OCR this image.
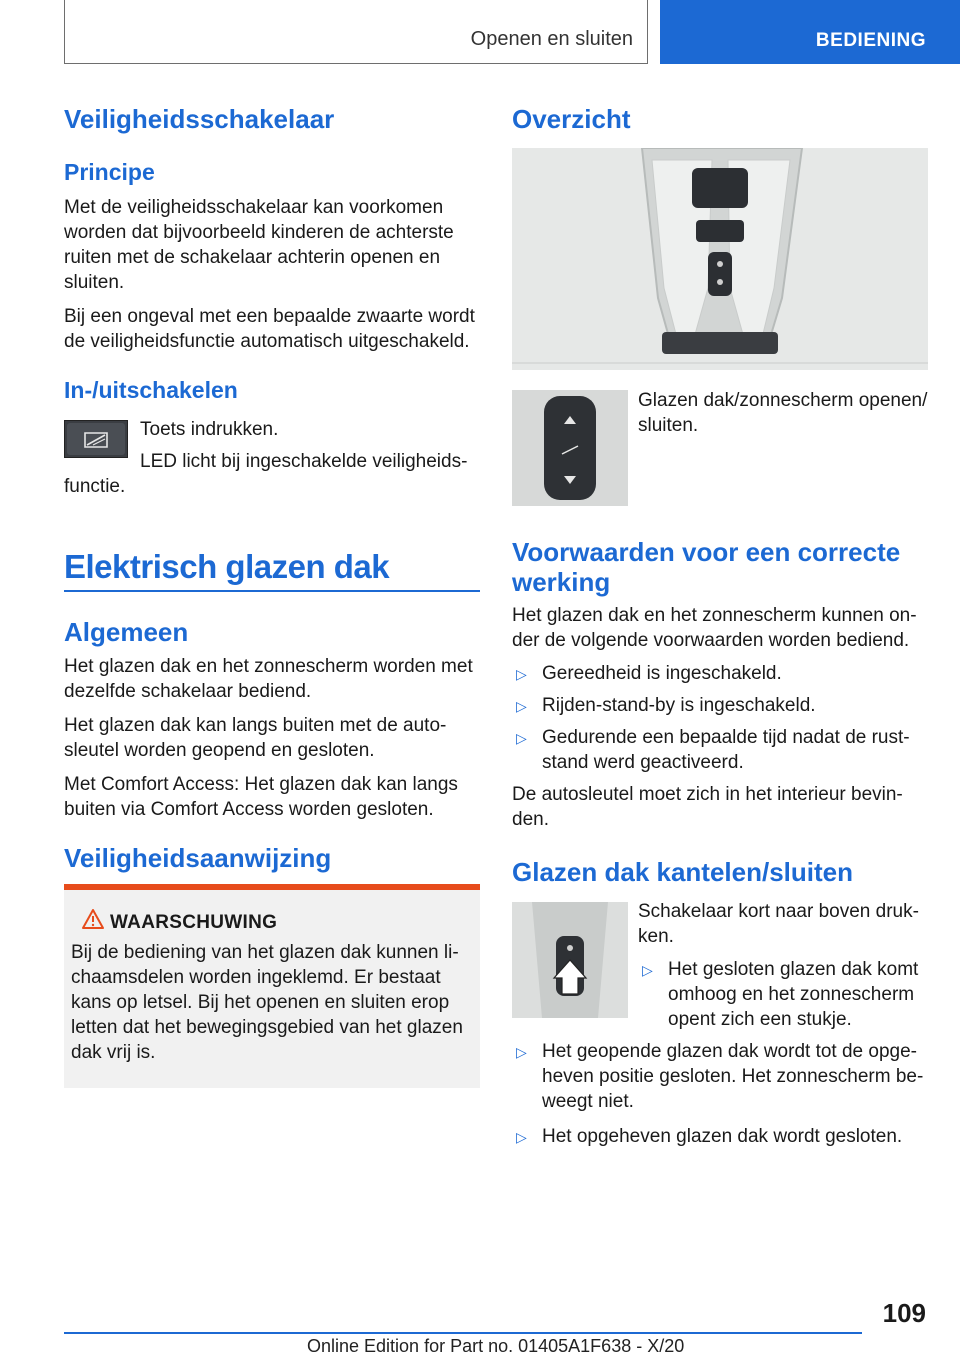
Openen en sluiten	BEDIENING
Veiligheidsschakelaar
Principe

Met de veiligheidsschakelaar kan voorkomen worden dat bijvoorbeeld kinderen de achterste ruiten met de schakelaar achterin openen en sluiten.

Bij een ongeval met een bepaalde zwaarte wordt de veiligheidsfunctie automatisch uitgeschakeld.

In-/uitschakelen
Toets indrukken.
LED licht bij ingeschakelde veiligheids-
functie.
Elektrisch glazen dak
Algemeen

Het glazen dak en het zonnescherm worden met dezelfde schakelaar bediend.

Het glazen dak kan langs buiten met de auto-sleutel worden geopend en gesloten.

Met Comfort Access: Het glazen dak kan langs buiten via Comfort Access worden gesloten.

Veiligheidsaanwijzing
WAARSCHUWING
Bij de bediening van het glazen dak kunnen li-chaamsdelen worden ingeklemd. Er bestaat kans op letsel. Bij het openen en sluiten erop letten dat het bewegingsgebied van het glazen dak vrij is.
Overzicht
Glazen dak/zonnescherm openen/ sluiten.
Voorwaarden voor een correcte werking
Het glazen dak en het zonnescherm kunnen on-der de volgende voorwaarden worden bediend.
▷ Gereedheid is ingeschakeld.
▷ Rijden-stand-by is ingeschakeld.
▷ Gedurende een bepaalde tijd nadat de rust-stand werd geactiveerd.
De autosleutel moet zich in het interieur bevin-den.
Glazen dak kantelen/sluiten
Schakelaar kort naar boven druk-ken.
▷ Het gesloten glazen dak komt omhoog en het zonnescherm opent zich een stukje.
▷ Het geopende glazen dak wordt tot de opge-heven positie gesloten. Het zonnescherm be-weegt niet.
▷ Het opgeheven glazen dak wordt gesloten.
109
Online Edition for Part no. 01405A1F638 - X/20
